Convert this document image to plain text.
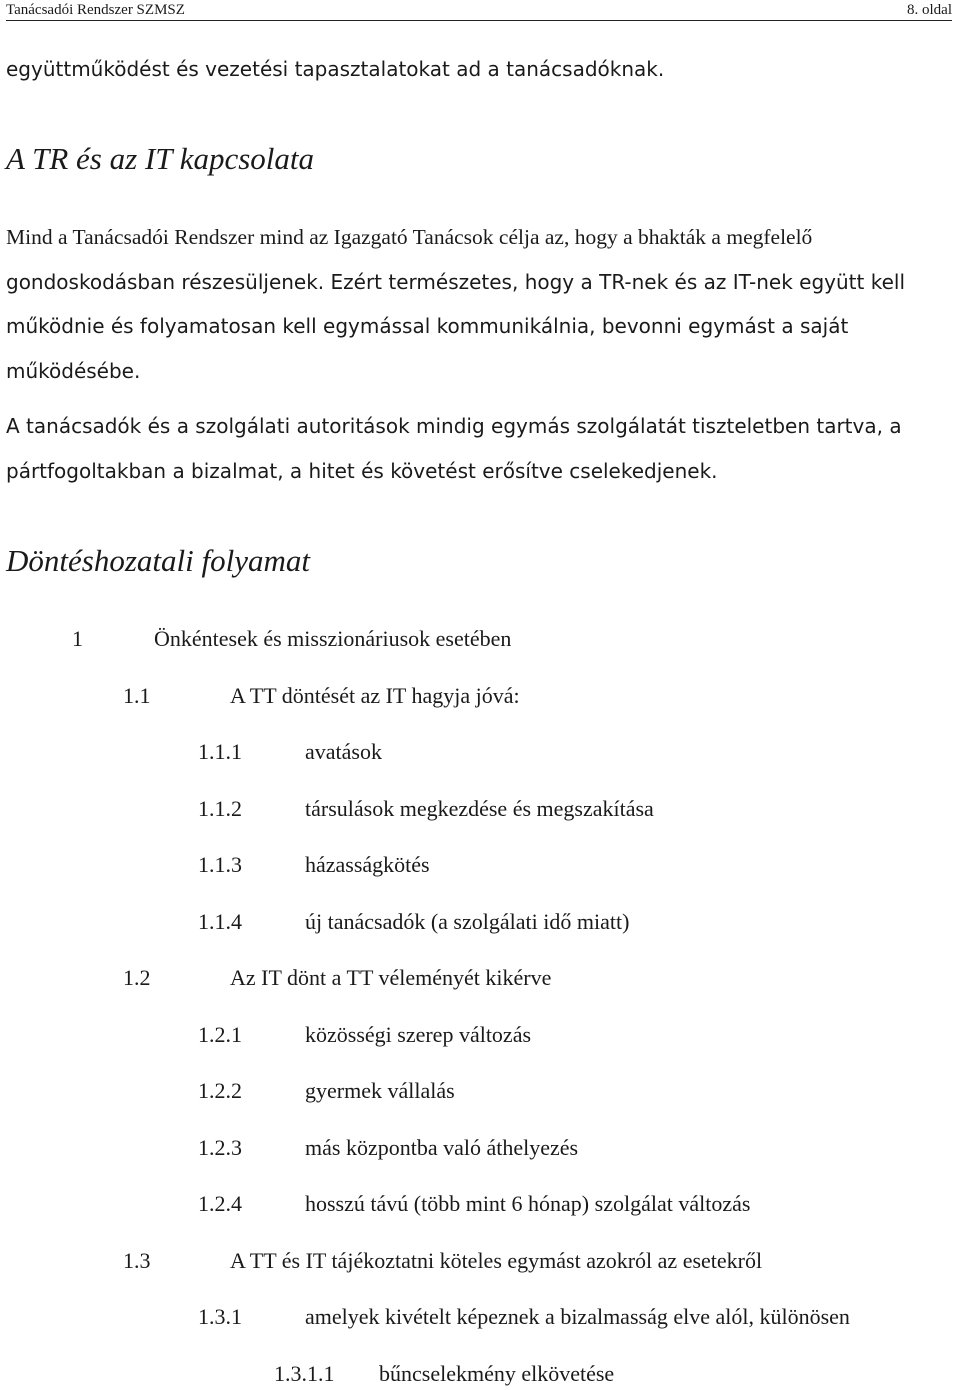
Tanácsadói Rendszer SZMSZ	8. oldal
együttműködést és vezetési tapasztalatokat ad a tanácsadóknak.
A TR és az IT kapcsolata
Mind a Tanácsadói Rendszer mind az Igazgató Tanácsok célja az, hogy a bhakták a megfelelő
gondoskodásban részesüljenek. Ezért természetes, hogy a TR-nek és az IT-nek együtt kell működnie és folyamatosan kell egymással kommunikálnia, bevonni egymást a saját működésébe.
A tanácsadók és a szolgálati autoritások mindig egymás szolgálatát tiszteletben tartva, a pártfogoltakban a bizalmat, a hitet és követést erősítve cselekedjenek.
Döntéshozatali folyamat
1	Önkéntesek és misszionáriusok esetében
1.1	A TT döntését az IT hagyja jóvá:
1.1.1	avatások
1.1.2	társulások megkezdése és megszakítása
1.1.3	házasságkötés
1.1.4	új tanácsadók (a szolgálati idő miatt)
1.2	Az IT dönt a TT véleményét kikérve
1.2.1	közösségi szerep változás
1.2.2	gyermek vállalás
1.2.3	más központba való áthelyezés
1.2.4	hosszú távú (több mint 6 hónap) szolgálat változás
1.3	A TT és IT tájékoztatni köteles egymást azokról az esetekről
1.3.1	amelyek kivételt képeznek a bizalmasság elve alól, különösen
1.3.1.1 bűncselekmény elkövetése
